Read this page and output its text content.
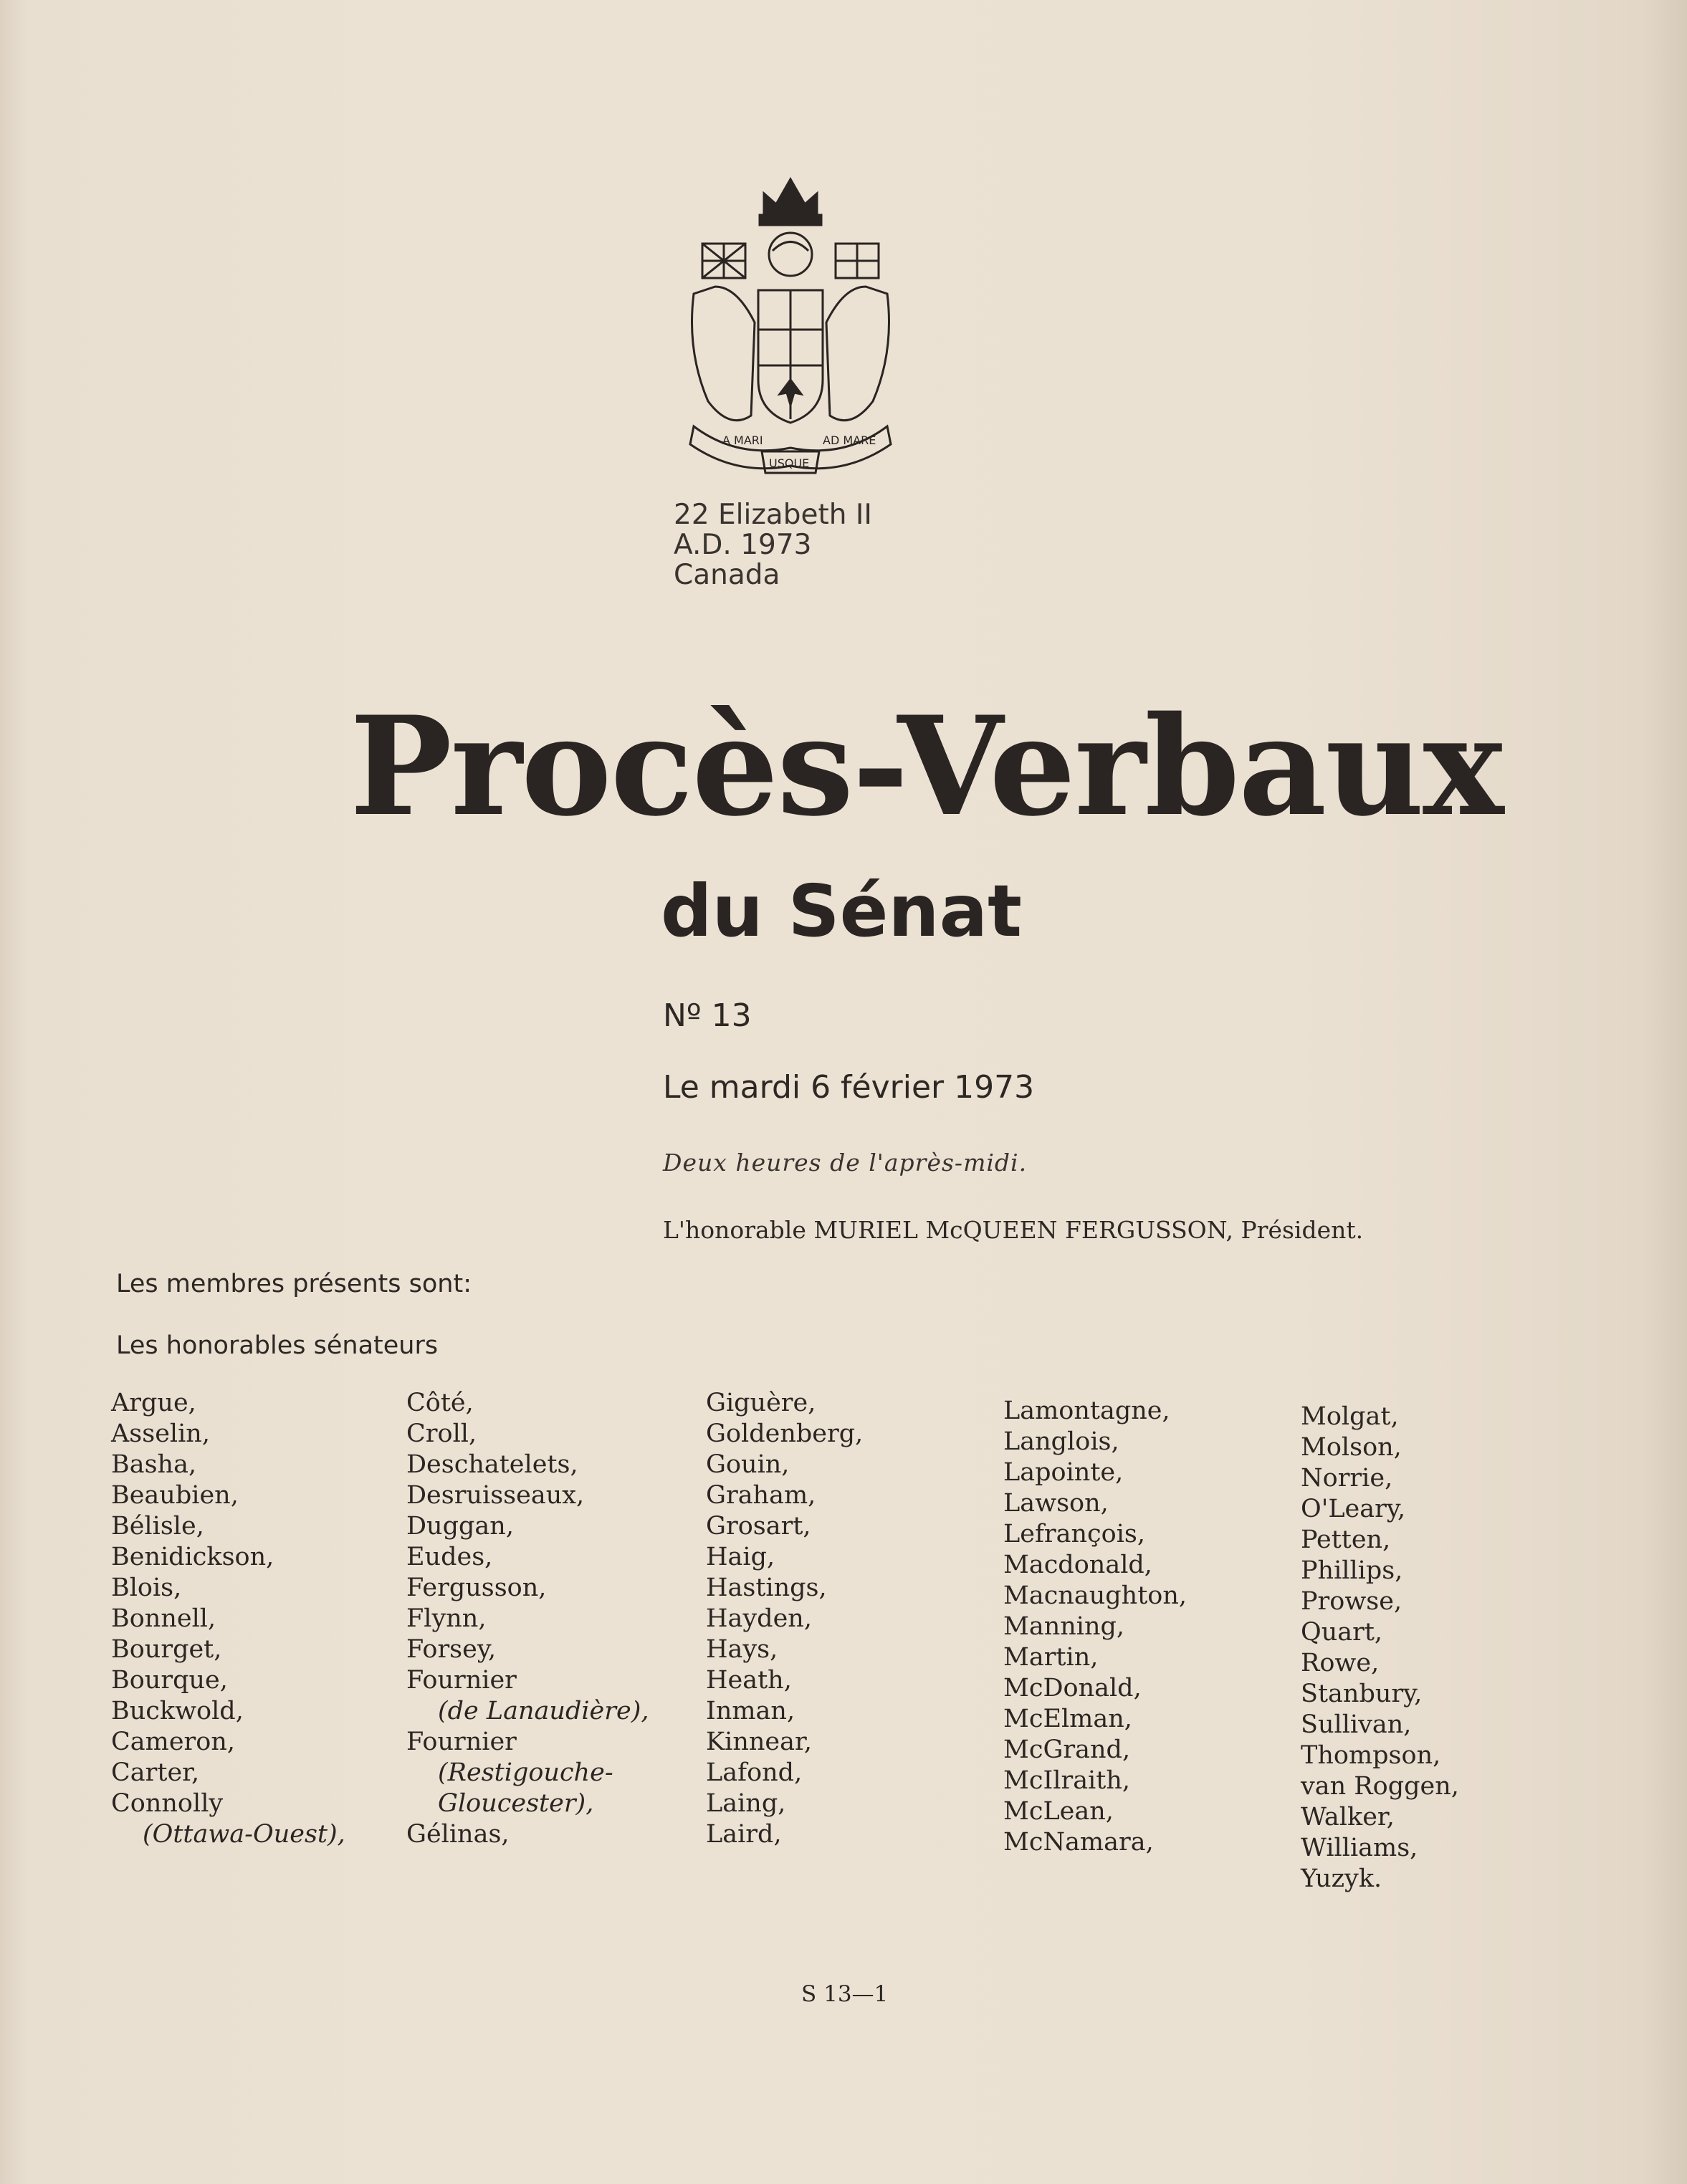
A MARI
USQUE
AD MARE
22 Elizabeth II
A.D. 1973
Canada
Procès-Verbaux
du Sénat
Nº 13
Le mardi 6 février 1973
Deux heures de l'après-midi.
L'honorable MURIEL McQUEEN FERGUSSON, Président.
Les membres présents sont:
Les honorables sénateurs
Argue,
Asselin,
Basha,
Beaubien,
Bélisle,
Benidickson,
Blois,
Bonnell,
Bourget,
Bourque,
Buckwold,
Cameron,
Carter,
Connolly
(Ottawa-Ouest),
Côté,
Croll,
Deschatelets,
Desruisseaux,
Duggan,
Eudes,
Fergusson,
Flynn,
Forsey,
Fournier
(de Lanaudière),
Fournier
(Restigouche-
Gloucester),
Gélinas,
Giguère,
Goldenberg,
Gouin,
Graham,
Grosart,
Haig,
Hastings,
Hayden,
Hays,
Heath,
Inman,
Kinnear,
Lafond,
Laing,
Laird,
Lamontagne,
Langlois,
Lapointe,
Lawson,
Lefrançois,
Macdonald,
Macnaughton,
Manning,
Martin,
McDonald,
McElman,
McGrand,
McIlraith,
McLean,
McNamara,
Molgat,
Molson,
Norrie,
O'Leary,
Petten,
Phillips,
Prowse,
Quart,
Rowe,
Stanbury,
Sullivan,
Thompson,
van Roggen,
Walker,
Williams,
Yuzyk.
S 13—1
